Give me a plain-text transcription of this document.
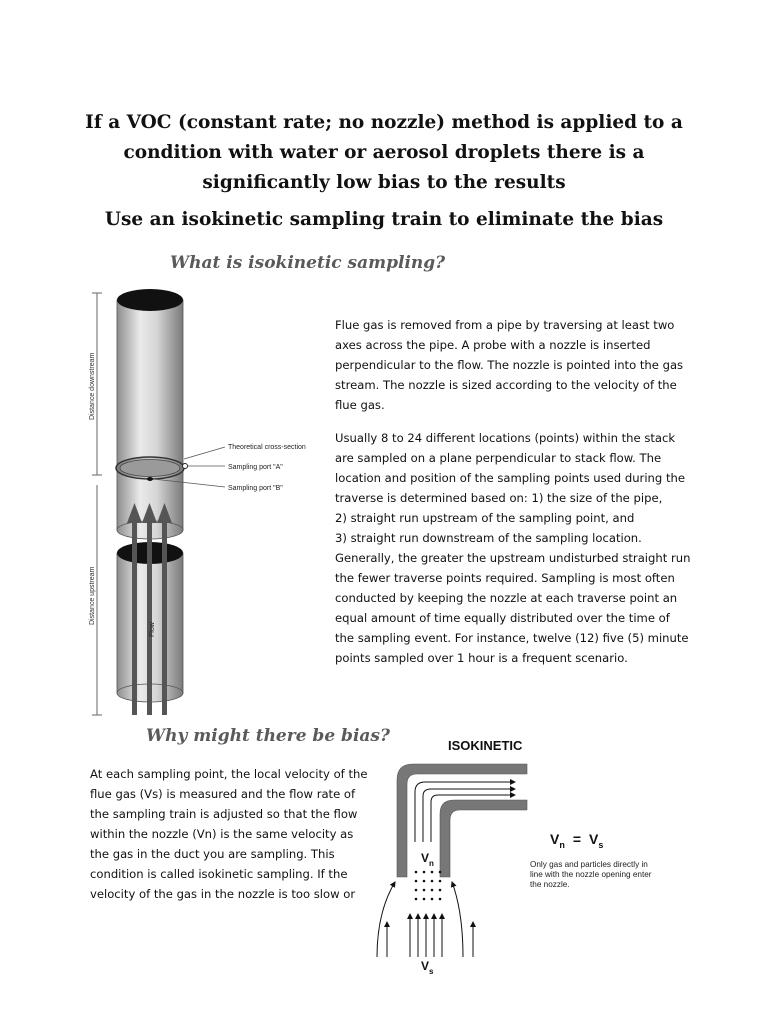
If a VOC (constant rate; no nozzle) method is applied to a condition with water or aerosol droplets there is a significantly low bias to the results
Use an isokinetic sampling train to eliminate the bias
What is isokinetic sampling?
Distance downstream
Distance upstream
Flow
Theoretical cross-section
Sampling port "A"
Sampling port "B"
Flue gas is removed from a pipe by traversing at least two
axes across the pipe. A probe with a nozzle is inserted
perpendicular to the flow. The nozzle is pointed into the gas
stream. The nozzle is sized according to the velocity of the
flue gas.
Usually 8 to 24 different locations (points) within the stack
are sampled on a plane perpendicular to stack flow. The
location and position of the sampling points used during the
traverse is determined based on: 1) the size of the pipe,
2) straight run upstream of the sampling point, and
3) straight run downstream of the sampling location.
Generally, the greater the upstream undisturbed straight run
the fewer traverse points required. Sampling is most often
conducted by keeping the nozzle at each traverse point an
equal amount of time equally distributed over the time of
the sampling event. For instance, twelve (12) five (5) minute
points sampled over 1 hour is a frequent scenario.
Why might there be bias?
At each sampling point, the local velocity of the
flue gas (Vs) is measured and the flow rate of
the sampling train is adjusted so that the flow
within the nozzle (Vn) is the same velocity as
the gas in the duct you are sampling. This
condition is called isokinetic sampling. If the
velocity of the gas in the nozzle is too slow or
ISOKINETIC
$V_n$
$V_s$
$V_n = V_s$
Only gas and particles directly in line with the nozzle opening enter the nozzle.
